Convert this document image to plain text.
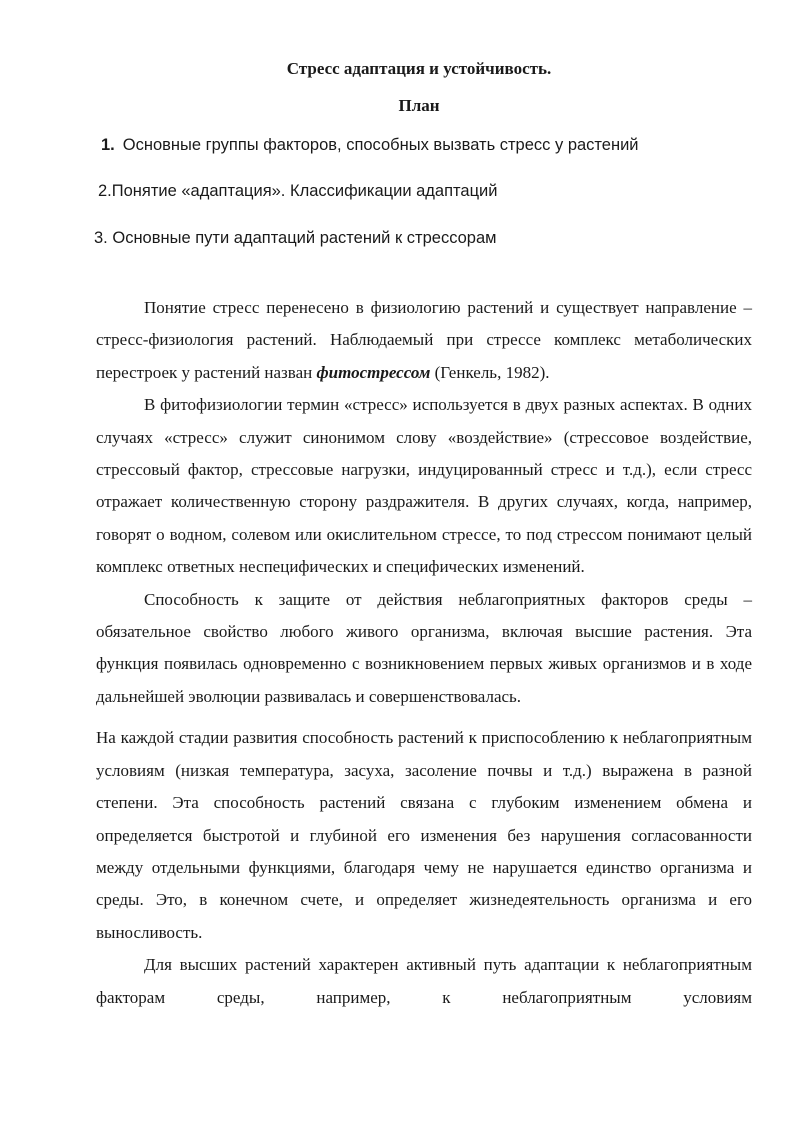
Стресс адаптация и устойчивость.
План
1. Основные группы факторов, способных вызвать стресс у растений
2.Понятие «адаптация». Классификации адаптаций
3. Основные пути адаптаций растений к стрессорам

Понятие стресс перенесено в физиологию растений и существует направление – стресс-физиология растений. Наблюдаемый при стрессе комплекс метаболических перестроек у растений назван фитострессом (Генкель, 1982).

В фитофизиологии термин «стресс» используется в двух разных аспектах. В одних случаях «стресс» служит синонимом слову «воздействие» (стрессовое воздействие, стрессовый фактор, стрессовые нагрузки, индуцированный стресс и т.д.), если стресс отражает количественную сторону раздражителя. В других случаях, когда, например, говорят о водном, солевом или окислительном стрессе, то под стрессом понимают целый комплекс ответных неспецифических и специфических изменений.

Способность к защите от действия неблагоприятных факторов среды – обязательное свойство любого живого организма, включая высшие растения. Эта функция появилась одновременно с возникновением первых живых организмов и в ходе дальнейшей эволюции развивалась и совершенствовалась.

На каждой стадии развития способность растений к приспособлению к неблагоприятным условиям (низкая температура, засуха, засоление почвы и т.д.) выражена в разной степени. Эта способность растений связана с глубоким изменением обмена и определяется быстротой и глубиной его изменения без нарушения согласованности между отдельными функциями, благодаря чему не нарушается единство организма и среды. Это, в конечном счете, и определяет жизнедеятельность организма и его выносливость.

Для высших растений характерен активный путь адаптации к неблагоприятным факторам среды, например, к неблагоприятным условиям
